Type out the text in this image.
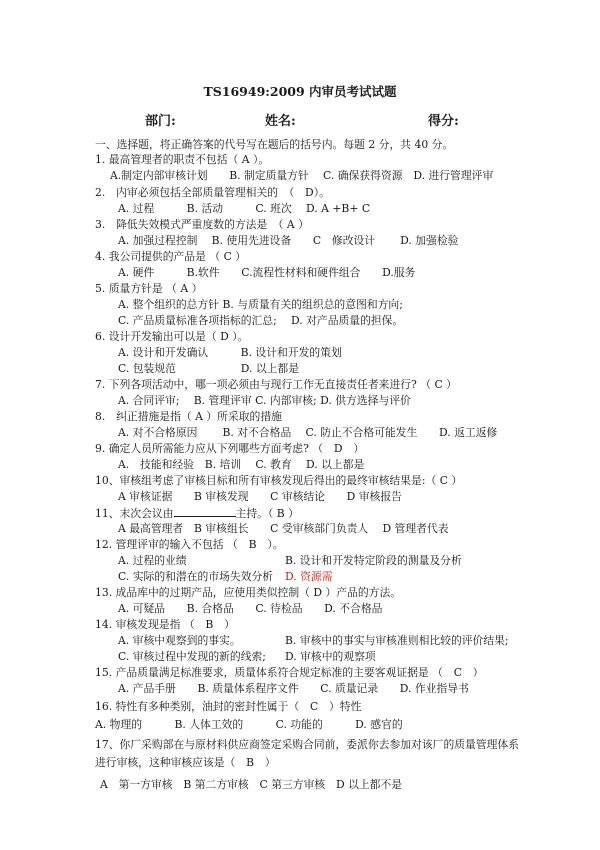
TS16949:2009 内审员考试试题
部门:	姓名:	得分:
一、选择题，将正确答案的代号写在题后的括号内。每题 2 分，共 40 分。
1. 最高管理者的职责不包括（ A ）。
A.制定内部审核计划　　B. 制定质量方针　 C. 确保获得资源　D. 进行管理评审
2.　内审必须包括全部质量管理相关的　（　D）。
A. 过程　　　B. 活动　　　C. 班次　 D. A +B+ C
3.　降低失效模式严重度数的方法是　（ A ）
A. 加强过程控制　 B. 使用先进设备　　C　修改设计　　 D. 加强检验
4. 我公司提供的产品是 （ C ）
A. 硬件　　　B.软件　　C.流程性材料和硬件组合　　D.服务
5. 质量方针是 （ A ）
A. 整个组织的总方针 B. 与质量有关的组织总的意图和方向;
C. 产品质量标准各项指标的汇总;　 D. 对产品质量的担保。
6. 设计开发输出可以是（ D ）。
A. 设计和开发确认　　　B. 设计和开发的策划
C. 包装规范　　　　　　D. 以上都是
7. 下列各项活动中，哪一项必须由与现行工作无直接责任者来进行? （ C ）
A. 合同评审;　 B. 管理评审 C. 内部审核; D. 供方选择与评价
8.　纠正措施是指（ A ）所采取的措施
A. 对不合格原因　　 B. 对不合格品　 C. 防止不合格可能发生　　D. 返工返修
9. 确定人员所需能力应从下列哪些方面考虑? （　D　）
A.　技能和经验　B. 培训　 C. 教育　 D. 以上都是
10、审核组考虑了审核目标和所有审核发现后得出的最终审核结果是:（ C ）
A 审核证据　　B 审核发现　　C 审核结论　　D 审核报告
11、末次会议由	主持。（ B ）
A 最高管理者　B 审核组长　　C 受审核部门负责人　 D 管理者代表
12. 管理评审的输入不包括 （　B　）。
A. 过程的业绩	B. 设计和开发特定阶段的测量及分析
C. 实际的和潜在的市场失效分析 D. 资源需
13. 成品库中的过期产品，应使用类似控制（ D ）产品的方法。
A. 可疑品　　B. 合格品　　C. 待检品　　D. 不合格品
14. 审核发现是指 （　B　）
A. 审核中观察到的事实。	B. 审核中的事实与审核准则相比较的评价结果;
C. 审核过程中发现的新的线索; D. 审核中的观察项
15. 产品质量满足标准要求，质量体系符合规定标准的主要客观证据是 （　C　）
A. 产品手册　　B. 质量体系程序文件　　C. 质量记录　　D. 作业指导书
16. 特性有多种类别，油封的密封性属于（　C　）特性
A. 物理的　　　B. 人体工效的　　　C. 功能的　　　D. 感官的
17、你厂采购部在与原材料供应商签定采购合同前，委派你去参加对该厂的质量管理体系
进行审核，这种审核应该是（　B　）
A　第一方审核　B 第二方审核　C 第三方审核　D 以上都不是
